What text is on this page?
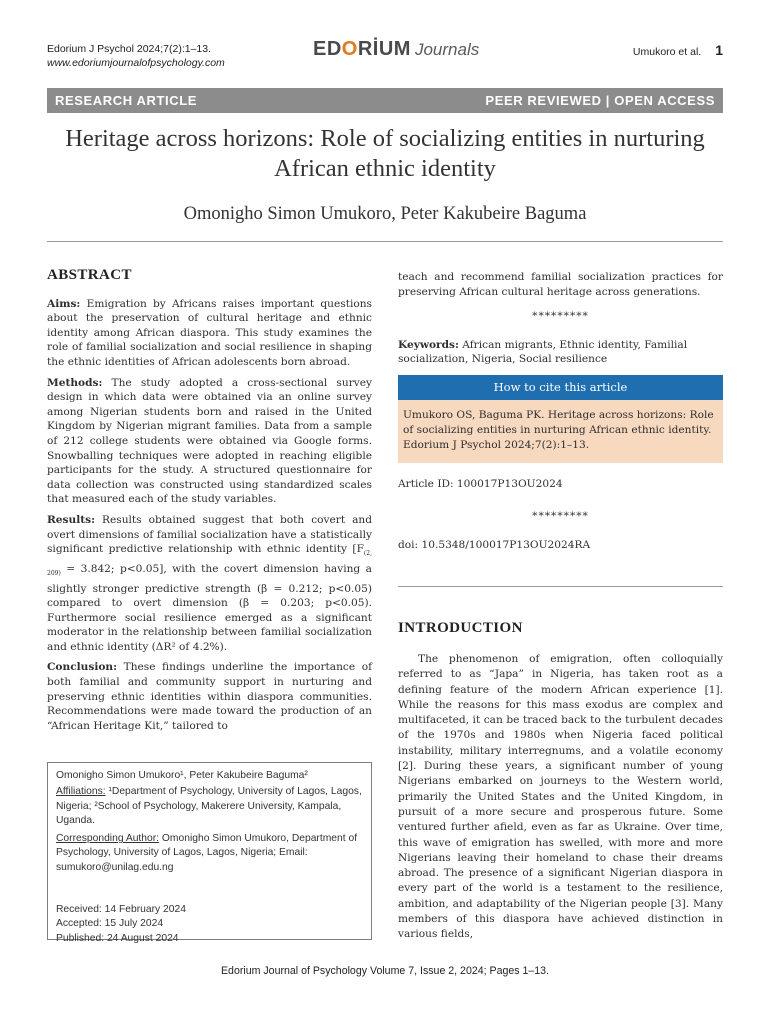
Edorium J Psychol 2024;7(2):1–13.
www.edoriumjournalofpsychology.com
EDORİUM Journals	Umukoro et al. 1
RESEARCH ARTICLE	PEER REVIEWED | OPEN ACCESS
Heritage across horizons: Role of socializing entities in nurturing African ethnic identity
Omonigho Simon Umukoro, Peter Kakubeire Baguma
ABSTRACT

Aims: Emigration by Africans raises important questions about the preservation of cultural heritage and ethnic identity among African diaspora. This study examines the role of familial socialization and social resilience in shaping the ethnic identities of African adolescents born abroad.

Methods: The study adopted a cross-sectional survey design in which data were obtained via an online survey among Nigerian students born and raised in the United Kingdom by Nigerian migrant families. Data from a sample of 212 college students were obtained via Google forms. Snowballing techniques were adopted in reaching eligible participants for the study. A structured questionnaire for data collection was constructed using standardized scales that measured each of the study variables.

Results: Results obtained suggest that both covert and overt dimensions of familial socialization have a statistically significant predictive relationship with ethnic identity [$F_{(2, 209)} = 3.842$; p<0.05], with the covert dimension having a slightly stronger predictive strength (β = 0.212; p<0.05) compared to overt dimension (β = 0.203; p<0.05). Furthermore social resilience emerged as a significant moderator in the relationship between familial socialization and ethnic identity (ΔR² of 4.2%).

Conclusion: These findings underline the importance of both familial and community support in nurturing and preserving ethnic identities within diaspora communities. Recommendations were made toward the production of an “African Heritage Kit,” tailored to

Omonigho Simon Umukoro¹, Peter Kakubeire Baguma²
Affiliations: ¹Department of Psychology, University of Lagos, Lagos, Nigeria; ²School of Psychology, Makerere University, Kampala, Uganda.
Corresponding Author: Omonigho Simon Umukoro, Department of Psychology, University of Lagos, Lagos, Nigeria; Email: sumukoro@unilag.edu.ng
Received: 14 February 2024
Accepted: 15 July 2024
Published: 24 August 2024

teach and recommend familial socialization practices for preserving African cultural heritage across generations.

*********

Keywords: African migrants, Ethnic identity, Familial socialization, Nigeria, Social resilience

How to cite this article
Umukoro OS, Baguma PK. Heritage across horizons: Role of socializing entities in nurturing African ethnic identity. Edorium J Psychol 2024;7(2):1–13.

Article ID: 100017P13OU2024

*********

doi: 10.5348/100017P13OU2024RA

INTRODUCTION

The phenomenon of emigration, often colloquially referred to as “Japa” in Nigeria, has taken root as a defining feature of the modern African experience [1]. While the reasons for this mass exodus are complex and multifaceted, it can be traced back to the turbulent decades of the 1970s and 1980s when Nigeria faced political instability, military interregnums, and a volatile economy [2]. During these years, a significant number of young Nigerians embarked on journeys to the Western world, primarily the United States and the United Kingdom, in pursuit of a more secure and prosperous future. Some ventured further afield, even as far as Ukraine. Over time, this wave of emigration has swelled, with more and more Nigerians leaving their homeland to chase their dreams abroad. The presence of a significant Nigerian diaspora in every part of the world is a testament to the resilience, ambition, and adaptability of the Nigerian people [3]. Many members of this diaspora have achieved distinction in various fields,

Edorium Journal of Psychology Volume 7, Issue 2, 2024; Pages 1–13.
